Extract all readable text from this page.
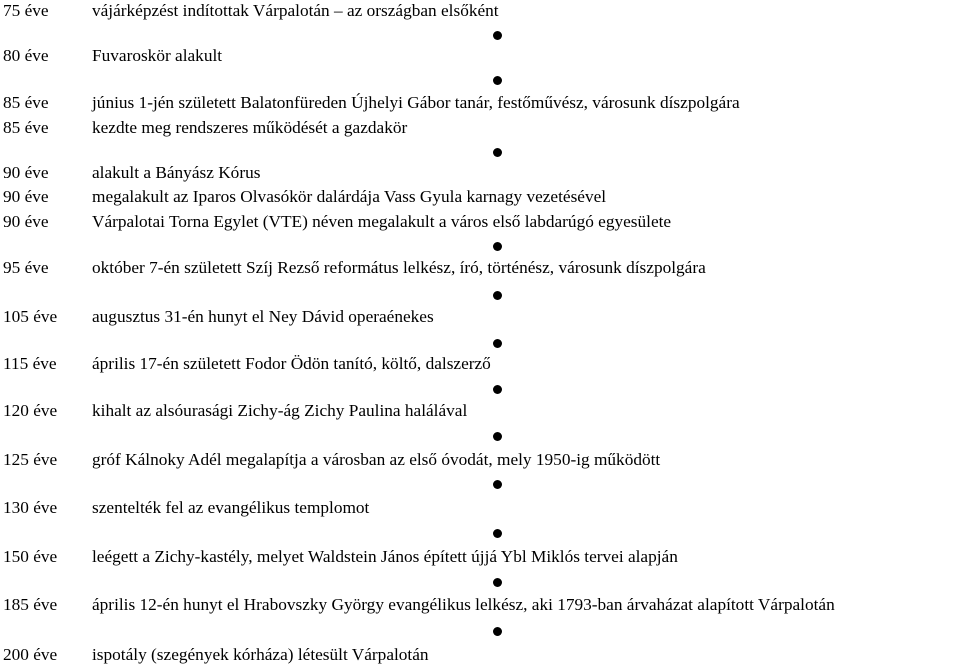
75 éve	vájárképzést indítottak Várpalotán – az országban elsőként
80 éve	Fuvaroskör alakult
85 éve	június 1-jén született Balatonfüreden Újhelyi Gábor tanár, festőművész, városunk díszpolgára
85 éve	kezdte meg rendszeres működését a gazdakör
90 éve	alakult a Bányász Kórus
90 éve	megalakult az Iparos Olvasókör dalárdája Vass Gyula karnagy vezetésével
90 éve	Várpalotai Torna Egylet (VTE) néven megalakult a város első labdarúgó egyesülete
95 éve	október 7-én született Szíj Rezső református lelkész, író, történész, városunk díszpolgára
105 éve augusztus 31-én hunyt el Ney Dávid operaénekes
115 éve április 17-én született Fodor Ödön tanító, költő, dalszerző
120 éve kihalt az alsóurasági Zichy-ág Zichy Paulina halálával
125 éve gróf Kálnoky Adél megalapítja a városban az első óvodát, mely 1950-ig működött
130 éve szentelték fel az evangélikus templomot
150 éve leégett a Zichy-kastély, melyet Waldstein János épített újjá Ybl Miklós tervei alapján
185 éve április 12-én hunyt el Hrabovszky György evangélikus lelkész, aki 1793-ban árvaházat alapított Várpalotán
200 éve ispotály (szegények kórháza) létesült Várpalotán
